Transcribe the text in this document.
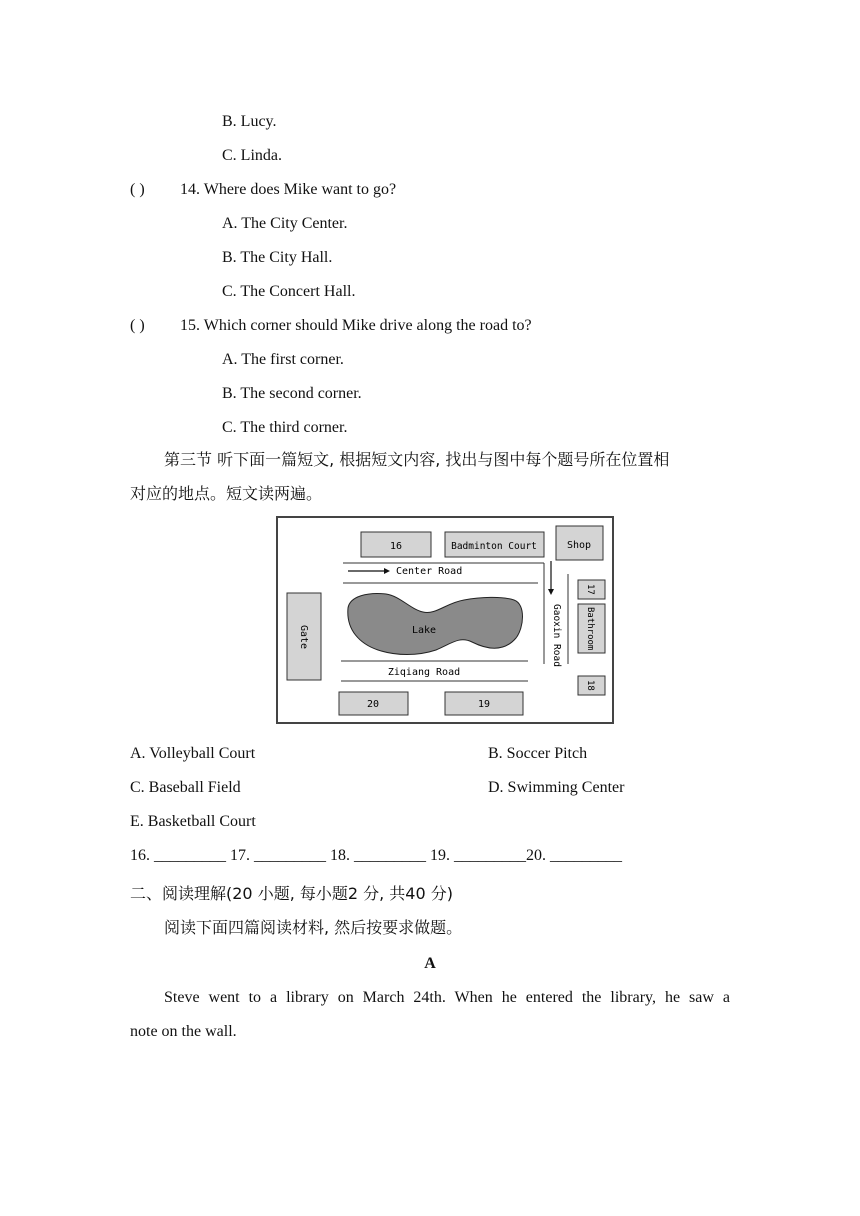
B. Lucy.
C. Linda.
( ) 14. Where does Mike want to go?
A. The City Center.
B. The City Hall.
C. The Concert Hall.
( ) 15. Which corner should Mike drive along the road to?
A. The first corner.
B. The second corner.
C. The third corner.
第三节 听下面一篇短文, 根据短文内容, 找出与图中每个题号所在位置相
对应的地点。短文读两遍。
16	Badminton Court	Shop
Center Road
Gaoxin Road
17
Bathroom
18
Gate	Lake
Ziqiang Road
20	19
A. Volleyball Court	B. Soccer Pitch
C. Baseball Field	D. Swimming Center
E. Basketball Court
16. _________ 17. _________ 18. _________ 19. _________20. _________
二、阅读理解(20 小题, 每小题2 分, 共40 分)
阅读下面四篇阅读材料, 然后按要求做题。
A
Steve went to a library on March 24th. When he entered the library, he saw a
note on the wall.
